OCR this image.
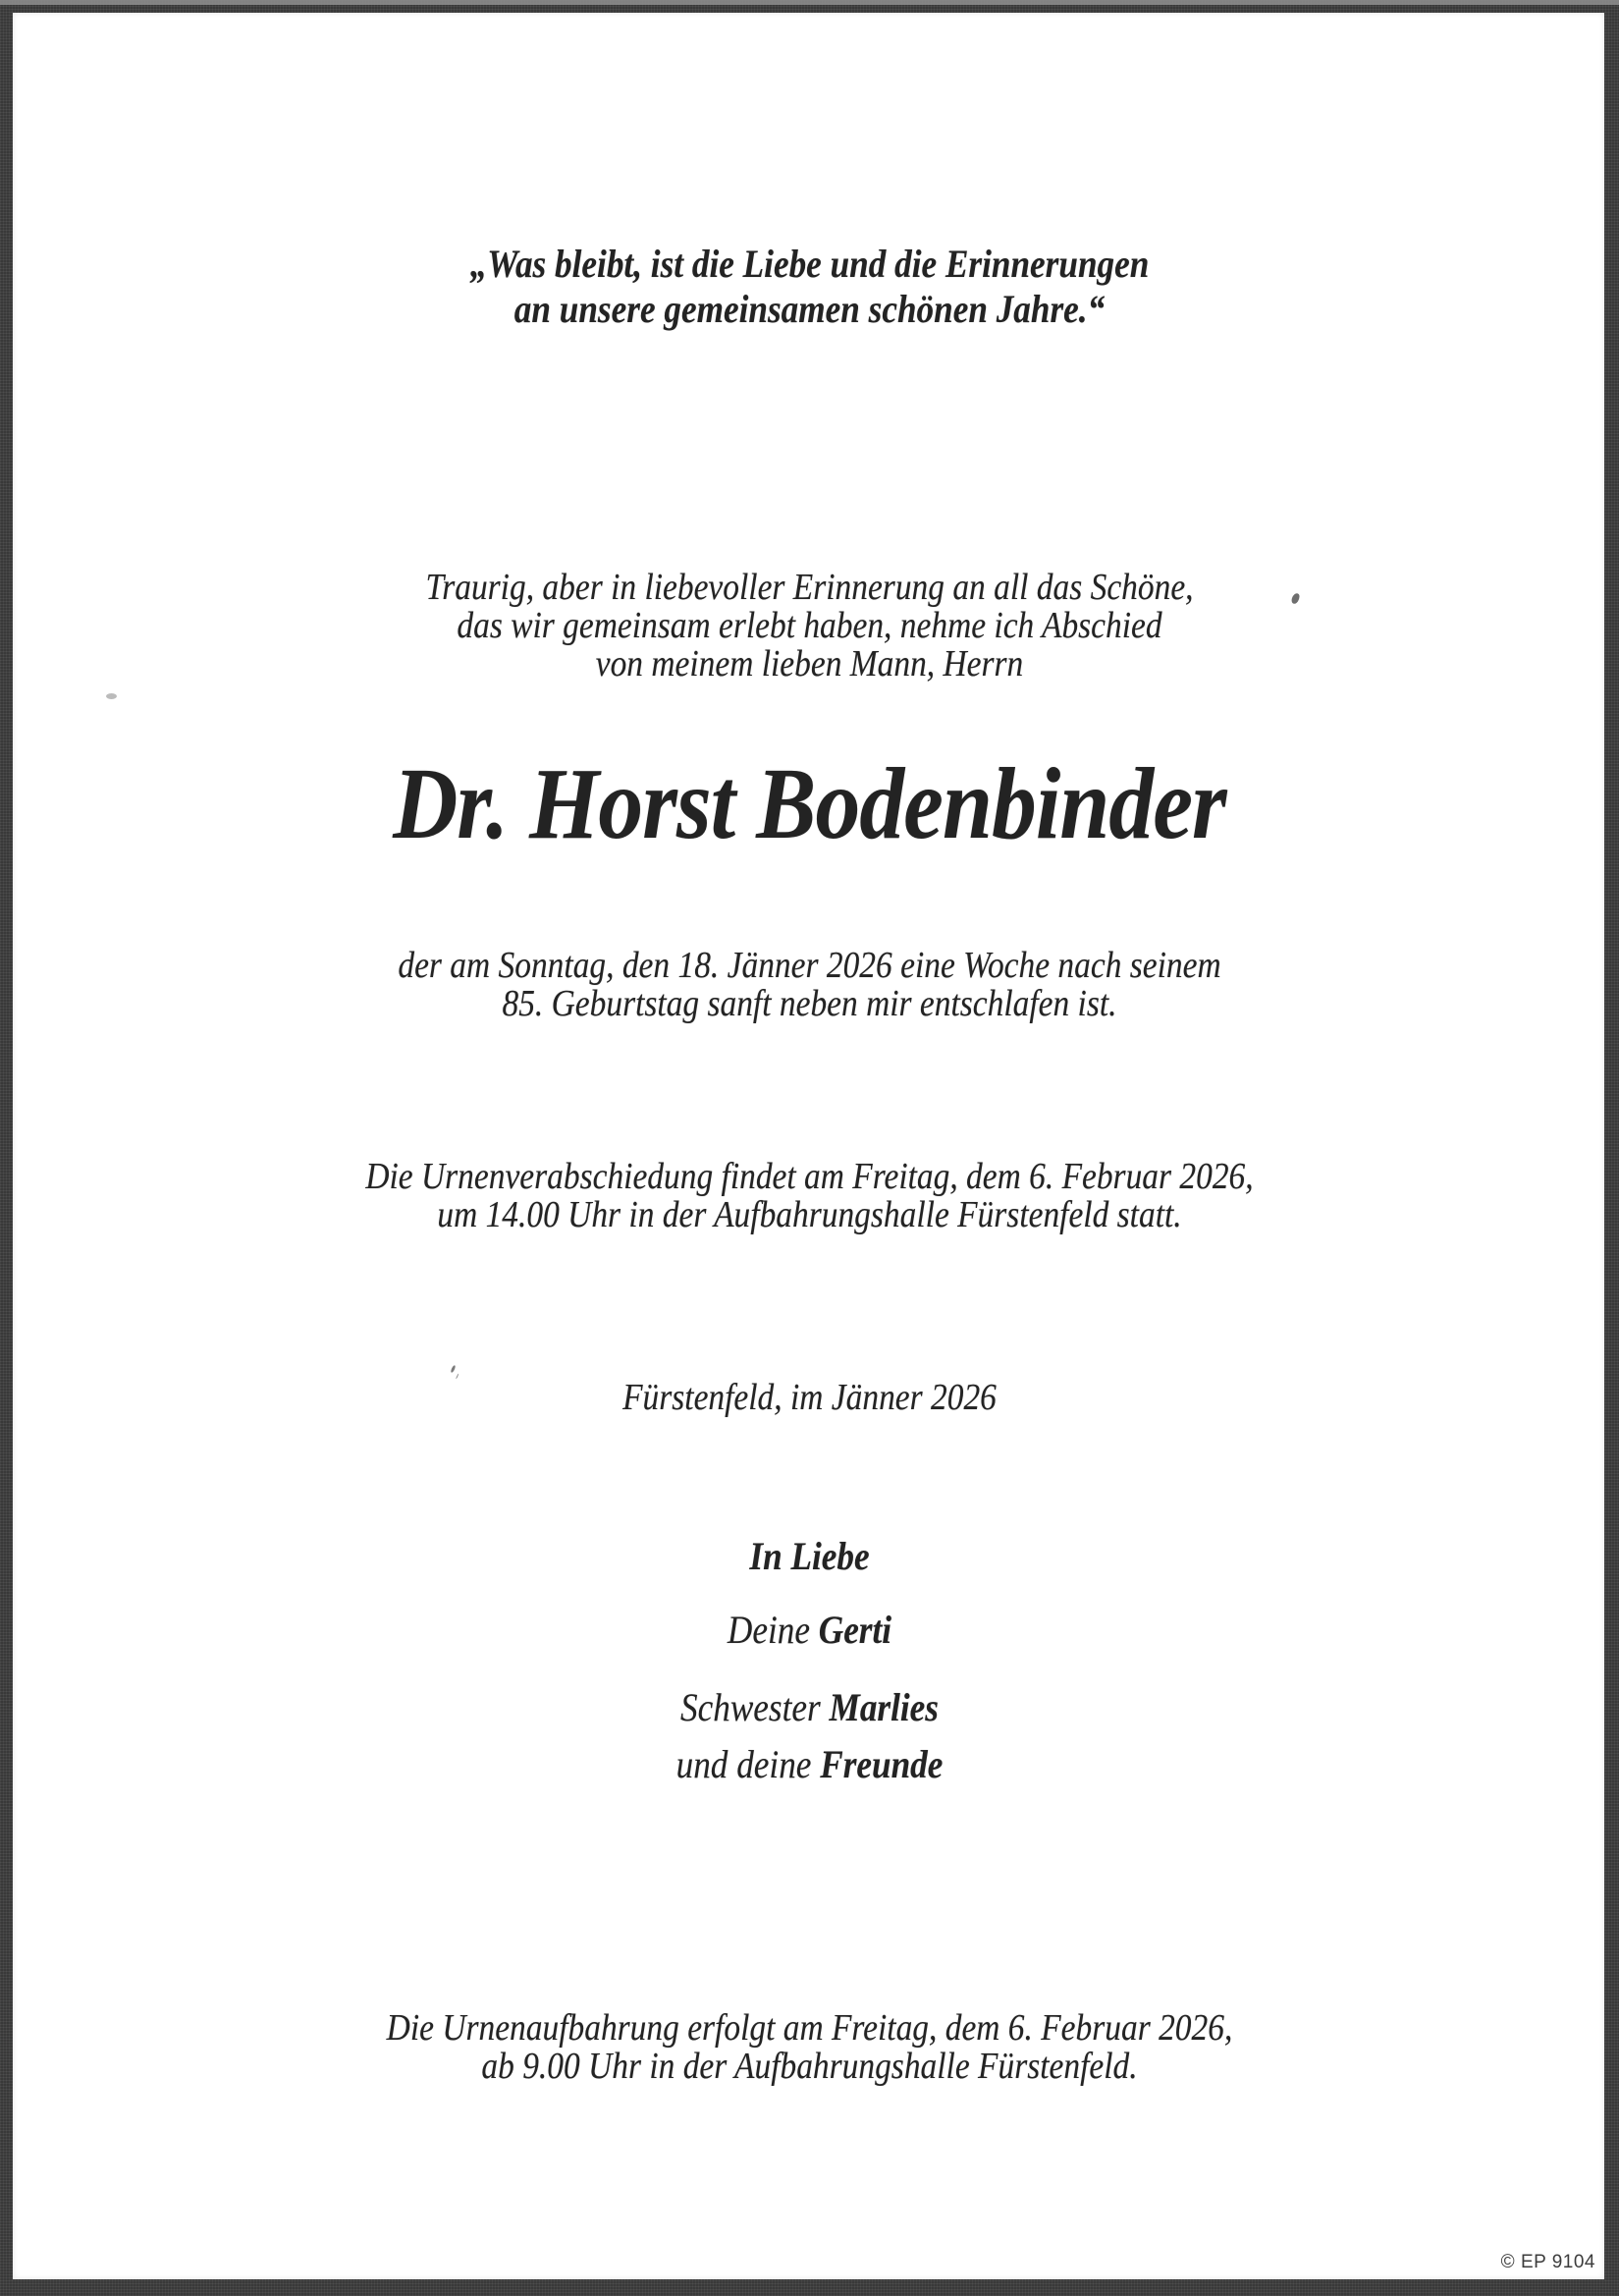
„Was bleibt, ist die Liebe und die Erinnerungen
an unsere gemeinsamen schönen Jahre.“
Traurig, aber in liebevoller Erinnerung an all das Schöne,
das wir gemeinsam erlebt haben, nehme ich Abschied
von meinem lieben Mann, Herrn
Dr. Horst Bodenbinder
der am Sonntag, den 18. Jänner 2026 eine Woche nach seinem
85. Geburtstag sanft neben mir entschlafen ist.
Die Urnenverabschiedung findet am Freitag, dem 6. Februar 2026,
um 14.00 Uhr in der Aufbahrungshalle Fürstenfeld statt.
Fürstenfeld, im Jänner 2026
In Liebe
Deine Gerti
Schwester Marlies
und deine Freunde
Die Urnenaufbahrung erfolgt am Freitag, dem 6. Februar 2026,
ab 9.00 Uhr in der Aufbahrungshalle Fürstenfeld.
© EP 9104
